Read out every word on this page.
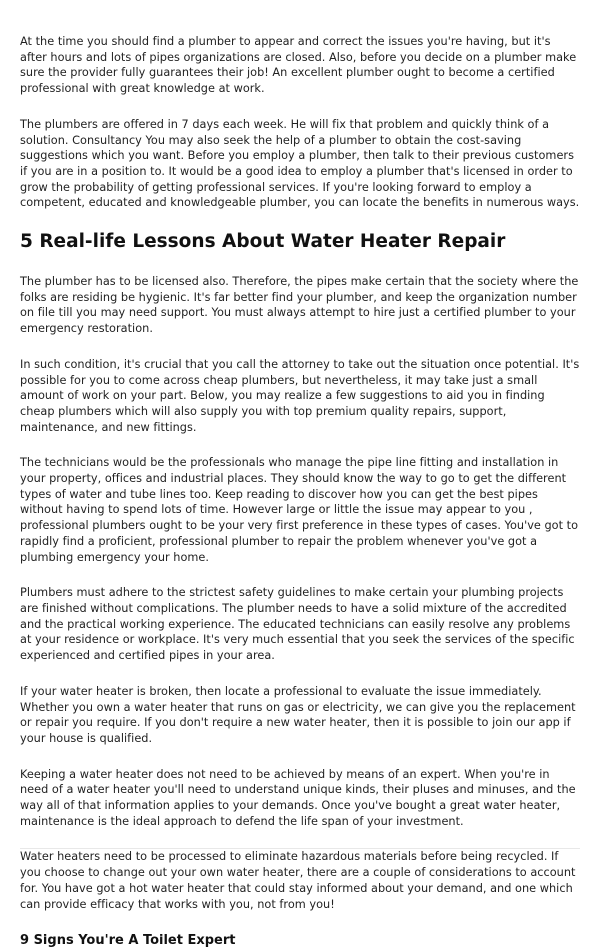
At the time you should find a plumber to appear and correct the issues you're having, but it's after hours and lots of pipes organizations are closed. Also, before you decide on a plumber make sure the provider fully guarantees their job! An excellent plumber ought to become a certified professional with great knowledge at work.

The plumbers are offered in 7 days each week. He will fix that problem and quickly think of a solution. Consultancy You may also seek the help of a plumber to obtain the cost-saving suggestions which you want. Before you employ a plumber, then talk to their previous customers if you are in a position to. It would be a good idea to employ a plumber that's licensed in order to grow the probability of getting professional services. If you're looking forward to employ a competent, educated and knowledgeable plumber, you can locate the benefits in numerous ways.

5 Real-life Lessons About Water Heater Repair

The plumber has to be licensed also. Therefore, the pipes make certain that the society where the folks are residing be hygienic. It's far better find your plumber, and keep the organization number on file till you may need support. You must always attempt to hire just a certified plumber to your emergency restoration.

In such condition, it's crucial that you call the attorney to take out the situation once potential. It's possible for you to come across cheap plumbers, but nevertheless, it may take just a small amount of work on your part. Below, you may realize a few suggestions to aid you in finding cheap plumbers which will also supply you with top premium quality repairs, support, maintenance, and new fittings.

The technicians would be the professionals who manage the pipe line fitting and installation in your property, offices and industrial places. They should know the way to go to get the different types of water and tube lines too. Keep reading to discover how you can get the best pipes without having to spend lots of time. However large or little the issue may appear to you , professional plumbers ought to be your very first preference in these types of cases. You've got to rapidly find a proficient, professional plumber to repair the problem whenever you've got a plumbing emergency your home.

Plumbers must adhere to the strictest safety guidelines to make certain your plumbing projects are finished without complications. The plumber needs to have a solid mixture of the accredited and the practical working experience. The educated technicians can easily resolve any problems at your residence or workplace. It's very much essential that you seek the services of the specific experienced and certified pipes in your area.

If your water heater is broken, then locate a professional to evaluate the issue immediately. Whether you own a water heater that runs on gas or electricity, we can give you the replacement or repair you require. If you don't require a new water heater, then it is possible to join our app if your house is qualified.

Keeping a water heater does not need to be achieved by means of an expert. When you're in need of a water heater you'll need to understand unique kinds, their pluses and minuses, and the way all of that information applies to your demands. Once you've bought a great water heater, maintenance is the ideal approach to defend the life span of your investment.

Water heaters need to be processed to eliminate hazardous materials before being recycled. If you choose to change out your own water heater, there are a couple of considerations to account for. You have got a hot water heater that could stay informed about your demand, and one which can provide efficacy that works with you, not from you!

9 Signs You're A Toilet Expert
